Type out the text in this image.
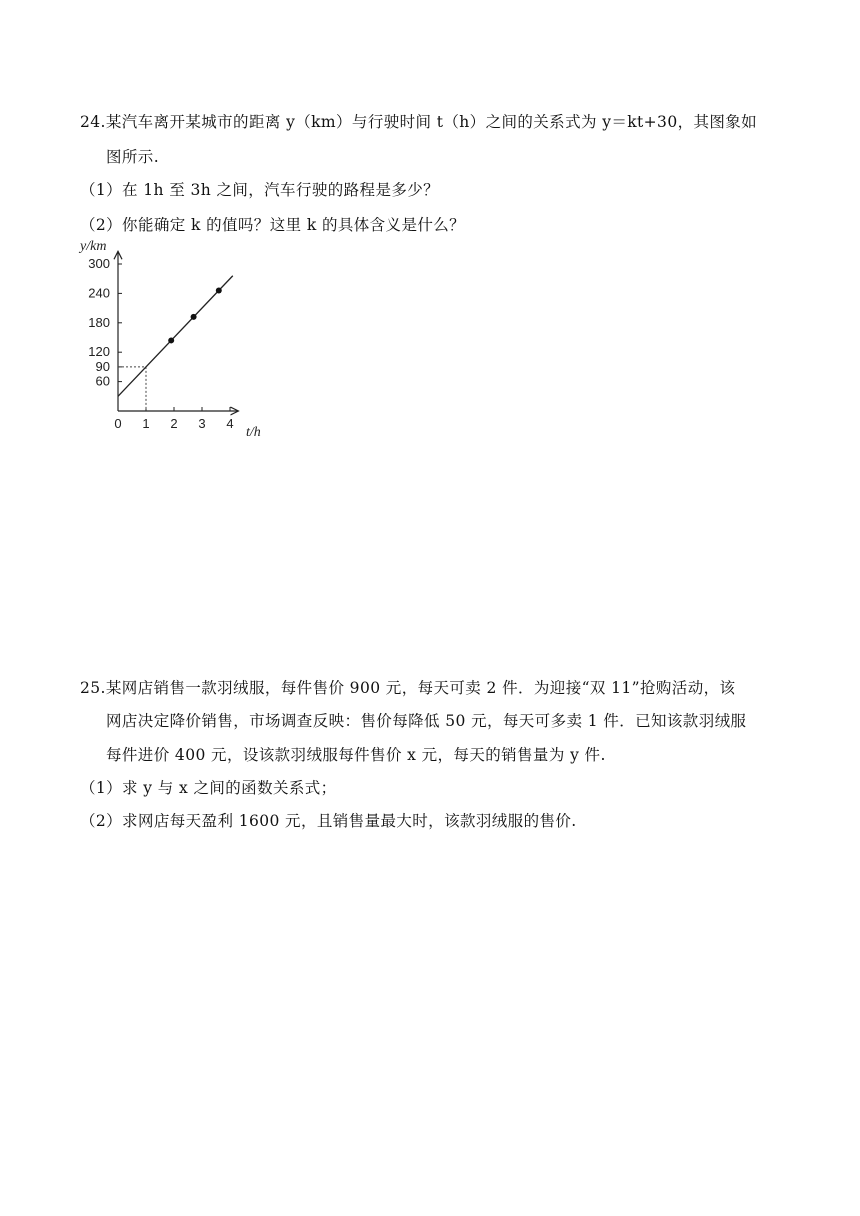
24.某汽车离开某城市的距离 y（km）与行驶时间 t（h）之间的关系式为 y＝kt+30，其图象如
图所示.
（1）在 1h 至 3h 之间，汽车行驶的路程是多少？
（2）你能确定 k 的值吗？这里 k 的具体含义是什么？
0 1 2 3 4
60
90
120
180
240
300
y/km
t/h
25.某网店销售一款羽绒服，每件售价 900 元，每天可卖 2 件．为迎接“双 11”抢购活动，该
网店决定降价销售，市场调查反映：售价每降低 50 元，每天可多卖 1 件．已知该款羽绒服
每件进价 400 元，设该款羽绒服每件售价 x 元，每天的销售量为 y 件.
（1）求 y 与 x 之间的函数关系式；
（2）求网店每天盈利 1600 元，且销售量最大时，该款羽绒服的售价.
